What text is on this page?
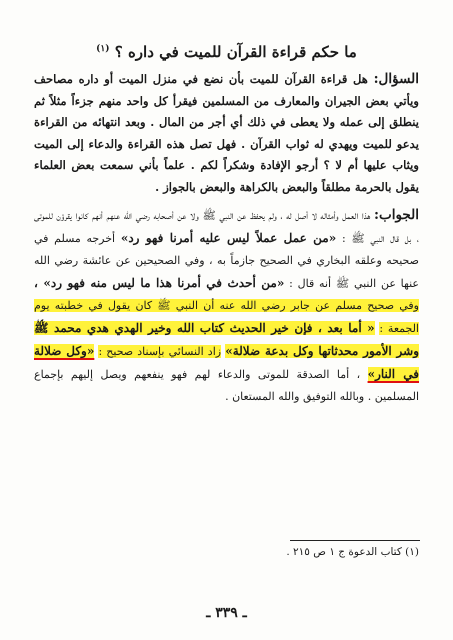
ما حكم قراءة القرآن للميت في داره ؟ $^{(١)}$

السؤال: هل قراءة القرآن للميت بأن نضع في منزل الميت أو داره مصاحف ويأتي بعض الجيران والمعارف من المسلمين فيقرأ كل واحد منهم جزءاً مثلاً ثم ينطلق إلى عمله ولا يعطى في ذلك أي أجر من المال . وبعد انتهائه من القراءة يدعو للميت ويهدي له ثواب القرآن . فهل تصل هذه القراءة والدعاء إلى الميت ويثاب عليها أم لا ؟ أرجو الإفادة وشكراً لكم . علماً بأني سمعت بعض العلماء يقول بالحرمة مطلقاً والبعض بالكراهة والبعض بالجواز .

الجواب: هذا العمل وأمثاله لا أصل له ، ولم يحفظ عن النبي ﷺ ولا عن أصحابه رضي الله عنهم أنهم كانوا يقرؤن للموتى ، بل قال النبي ﷺ : «من عمل عملاً ليس عليه أمرنا فهو رد» أخرجه مسلم في صحيحه وعلقه البخاري في الصحيح جازماً به ، وفي الصحيحين عن عائشة رضي الله عنها عن النبي ﷺ أنه قال : «من أحدث في أمرنا هذا ما ليس منه فهو رد» ، وفي صحيح مسلم عن جابر رضي الله عنه أن النبي ﷺ كان يقول في خطبته يوم الجمعة : « أما بعد ، فإن خير الحديث كتاب الله وخير الهدي هدي محمد ﷺ وشر الأمور محدثاتها وكل بدعة ضلالة» زاد النسائي بإسناد صحيح : «وكل ضلالة في النار» ، أما الصدقة للموتى والدعاء لهم فهو ينفعهم ويصل إليهم بإجماع المسلمين . وبالله التوفيق والله المستعان .

(١) كتاب الدعوة ج ١ ص ٢١٥ .
ـ ٣٣٩ ـ
